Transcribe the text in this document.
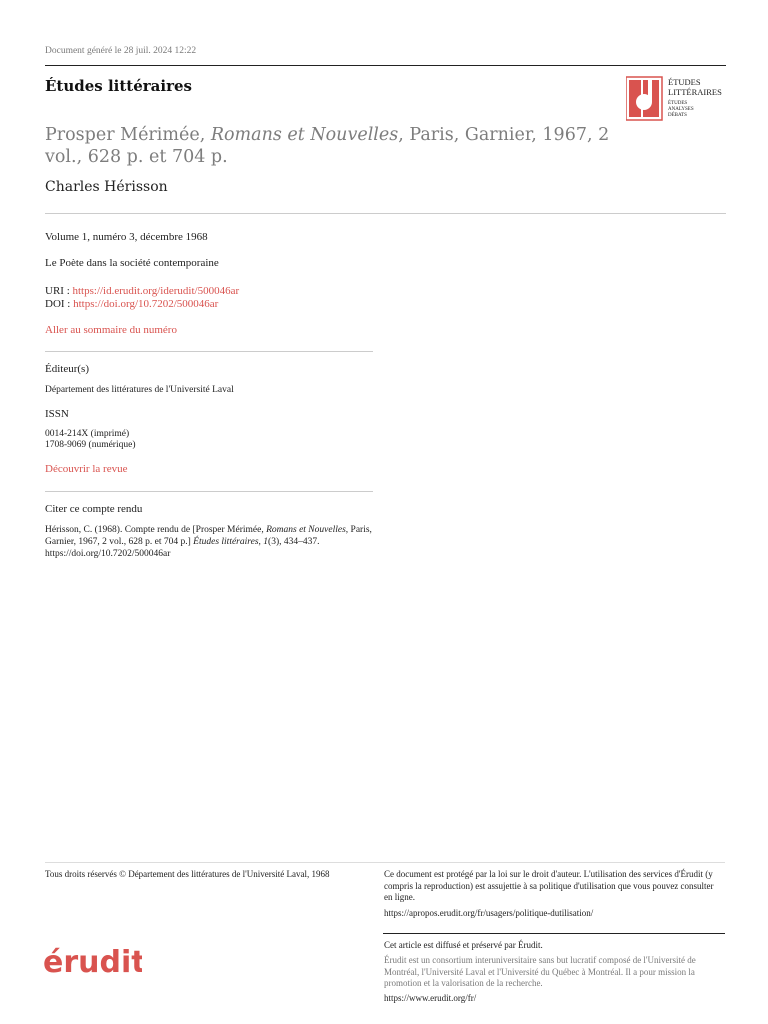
Document généré le 28 juil. 2024 12:22
Études littéraires	ÉTUDES
LITTÉRAIRES
ÉTUDES
ANALYSES
DÉBATS
Prosper Mérimée, Romans et Nouvelles, Paris, Garnier, 1967, 2 vol., 628 p. et 704 p.
Charles Hérisson
Volume 1, numéro 3, décembre 1968
Le Poète dans la société contemporaine
URI : https://id.erudit.org/iderudit/500046ar
DOI : https://doi.org/10.7202/500046ar
Aller au sommaire du numéro
Éditeur(s)
Département des littératures de l'Université Laval
ISSN
0014-214X (imprimé)
1708-9069 (numérique)
Découvrir la revue
Citer ce compte rendu
Hérisson, C. (1968). Compte rendu de [Prosper Mérimée, Romans et Nouvelles, Paris, Garnier, 1967, 2 vol., 628 p. et 704 p.] Études littéraires, 1(3), 434–437. https://doi.org/10.7202/500046ar
Tous droits réservés © Département des littératures de l'Université Laval, 1968	Ce document est protégé par la loi sur le droit d'auteur. L'utilisation des services d'Érudit (y compris la reproduction) est assujettie à sa politique d'utilisation que vous pouvez consulter en ligne.
https://apropos.erudit.org/fr/usagers/politique-dutilisation/
érudit	Cet article est diffusé et préservé par Érudit.
Érudit est un consortium interuniversitaire sans but lucratif composé de l'Université de Montréal, l'Université Laval et l'Université du Québec à Montréal. Il a pour mission la promotion et la valorisation de la recherche.
https://www.erudit.org/fr/
